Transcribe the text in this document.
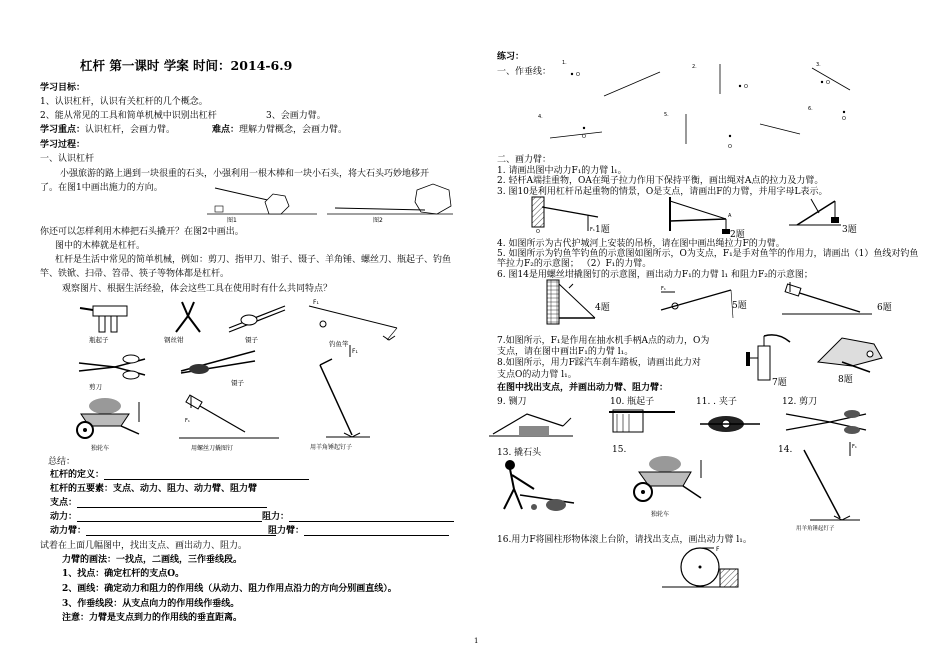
杠杆 第一课时 学案 时间：2014-6.9
学习目标：
1、认识杠杆，认识有关杠杆的几个概念。
2、能从常见的工具和简单机械中识别出杠杆	3、会画力臂。
学习重点：认识杠杆，会画力臂。	难点：理解力臂概念，会画力臂。
学习过程：
一、认识杠杆
小强旅游的路上遇到一块很重的石头，小强利用一根木棒和一块小石头，将大石头巧妙地移开
了。在图1中画出施力的方向。
图1	图2
你还可以怎样利用木棒把石头撬开？在图2中画出。
图中的木棒就是杠杆。
杠杆是生活中常见的简单机械，例如：剪刀、指甲刀、钳子、镊子、羊角锤、螺丝刀、瓶起子、钓鱼
竿、铁锨、扫帚、笤帚、筷子等物体都是杠杆。
观察图片、根据生活经验，体会这些工具在使用时有什么共同特点？
瓶起子	钢丝钳	镊子
F₁
钓鱼竿
剪刀	镊子
独轮车
F₁
用螺丝刀撬图钉
F₁
用羊角锤起钉子
总结：
杠杆的定义：
杠杆的五要素：支点、动力、阻力、动力臂、阻力臂
支点：
动力：	阻力：
动力臂：	阻力臂：
试着在上面几幅图中，找出支点、画出动力、阻力。
力臂的画法：一找点，二画线，三作垂线段。
1、找点：确定杠杆的支点O。
2、画线：确定动力和阻力的作用线（从动力、阻力作用点沿力的方向分别画直线）。
3、作垂线段：从支点向力的作用线作垂线。
注意：力臂是支点到力的作用线的垂直距离。
练习：
一、作垂线：
1.
O
2.
O
3.
O
4.
O
5.
O
6.
O
二、画力臂：
1. 请画出图中动力F₁的力臂 l₁。
2. 轻杆A端挂重物，OA在绳子拉力作用下保持平衡，画出绳对A点的拉力及力臂。
3. 图10是利用杠杆吊起重物的情景，O是支点，请画出F的力臂，并用字母L表示。
F₁
O	1题
A
2题	3题
4. 如图所示为古代护城河上安装的吊桥，请在图中画出绳拉力F的力臂。
5. 如图所示为钓鱼竿钓鱼的示意图如图所示，O为支点，F₁是手对鱼竿的作用力，请画出（1）鱼线对钓鱼
竿拉力F₂的示意图； （2）F₁的力臂。
6. 图14是用螺丝坩撬图钉的示意图，画出动力F₁的力臂 l₁ 和阻力F₂的示意图；
4题
F₁
5题	6题
7.如图所示，F₁是作用在抽水机手柄A点的动力，O为
支点，请在图中画出F₁的力臂 l₁。
8.如图所示，用力F踩汽车刹车踏板，请画出此力对
支点O的动力臂 l₁。
7题	8题
在图中找出支点，并画出动力臂、阻力臂：
9. 铡刀	10. 瓶起子	11. . 夹子	12. 剪刀
13. 撬石头	15.	14.
独轮车
F₁
用羊角锤起钉子
16.用力F将圆柱形物体滚上台阶，请找出支点，画出动力臂 l₁。
F
1
